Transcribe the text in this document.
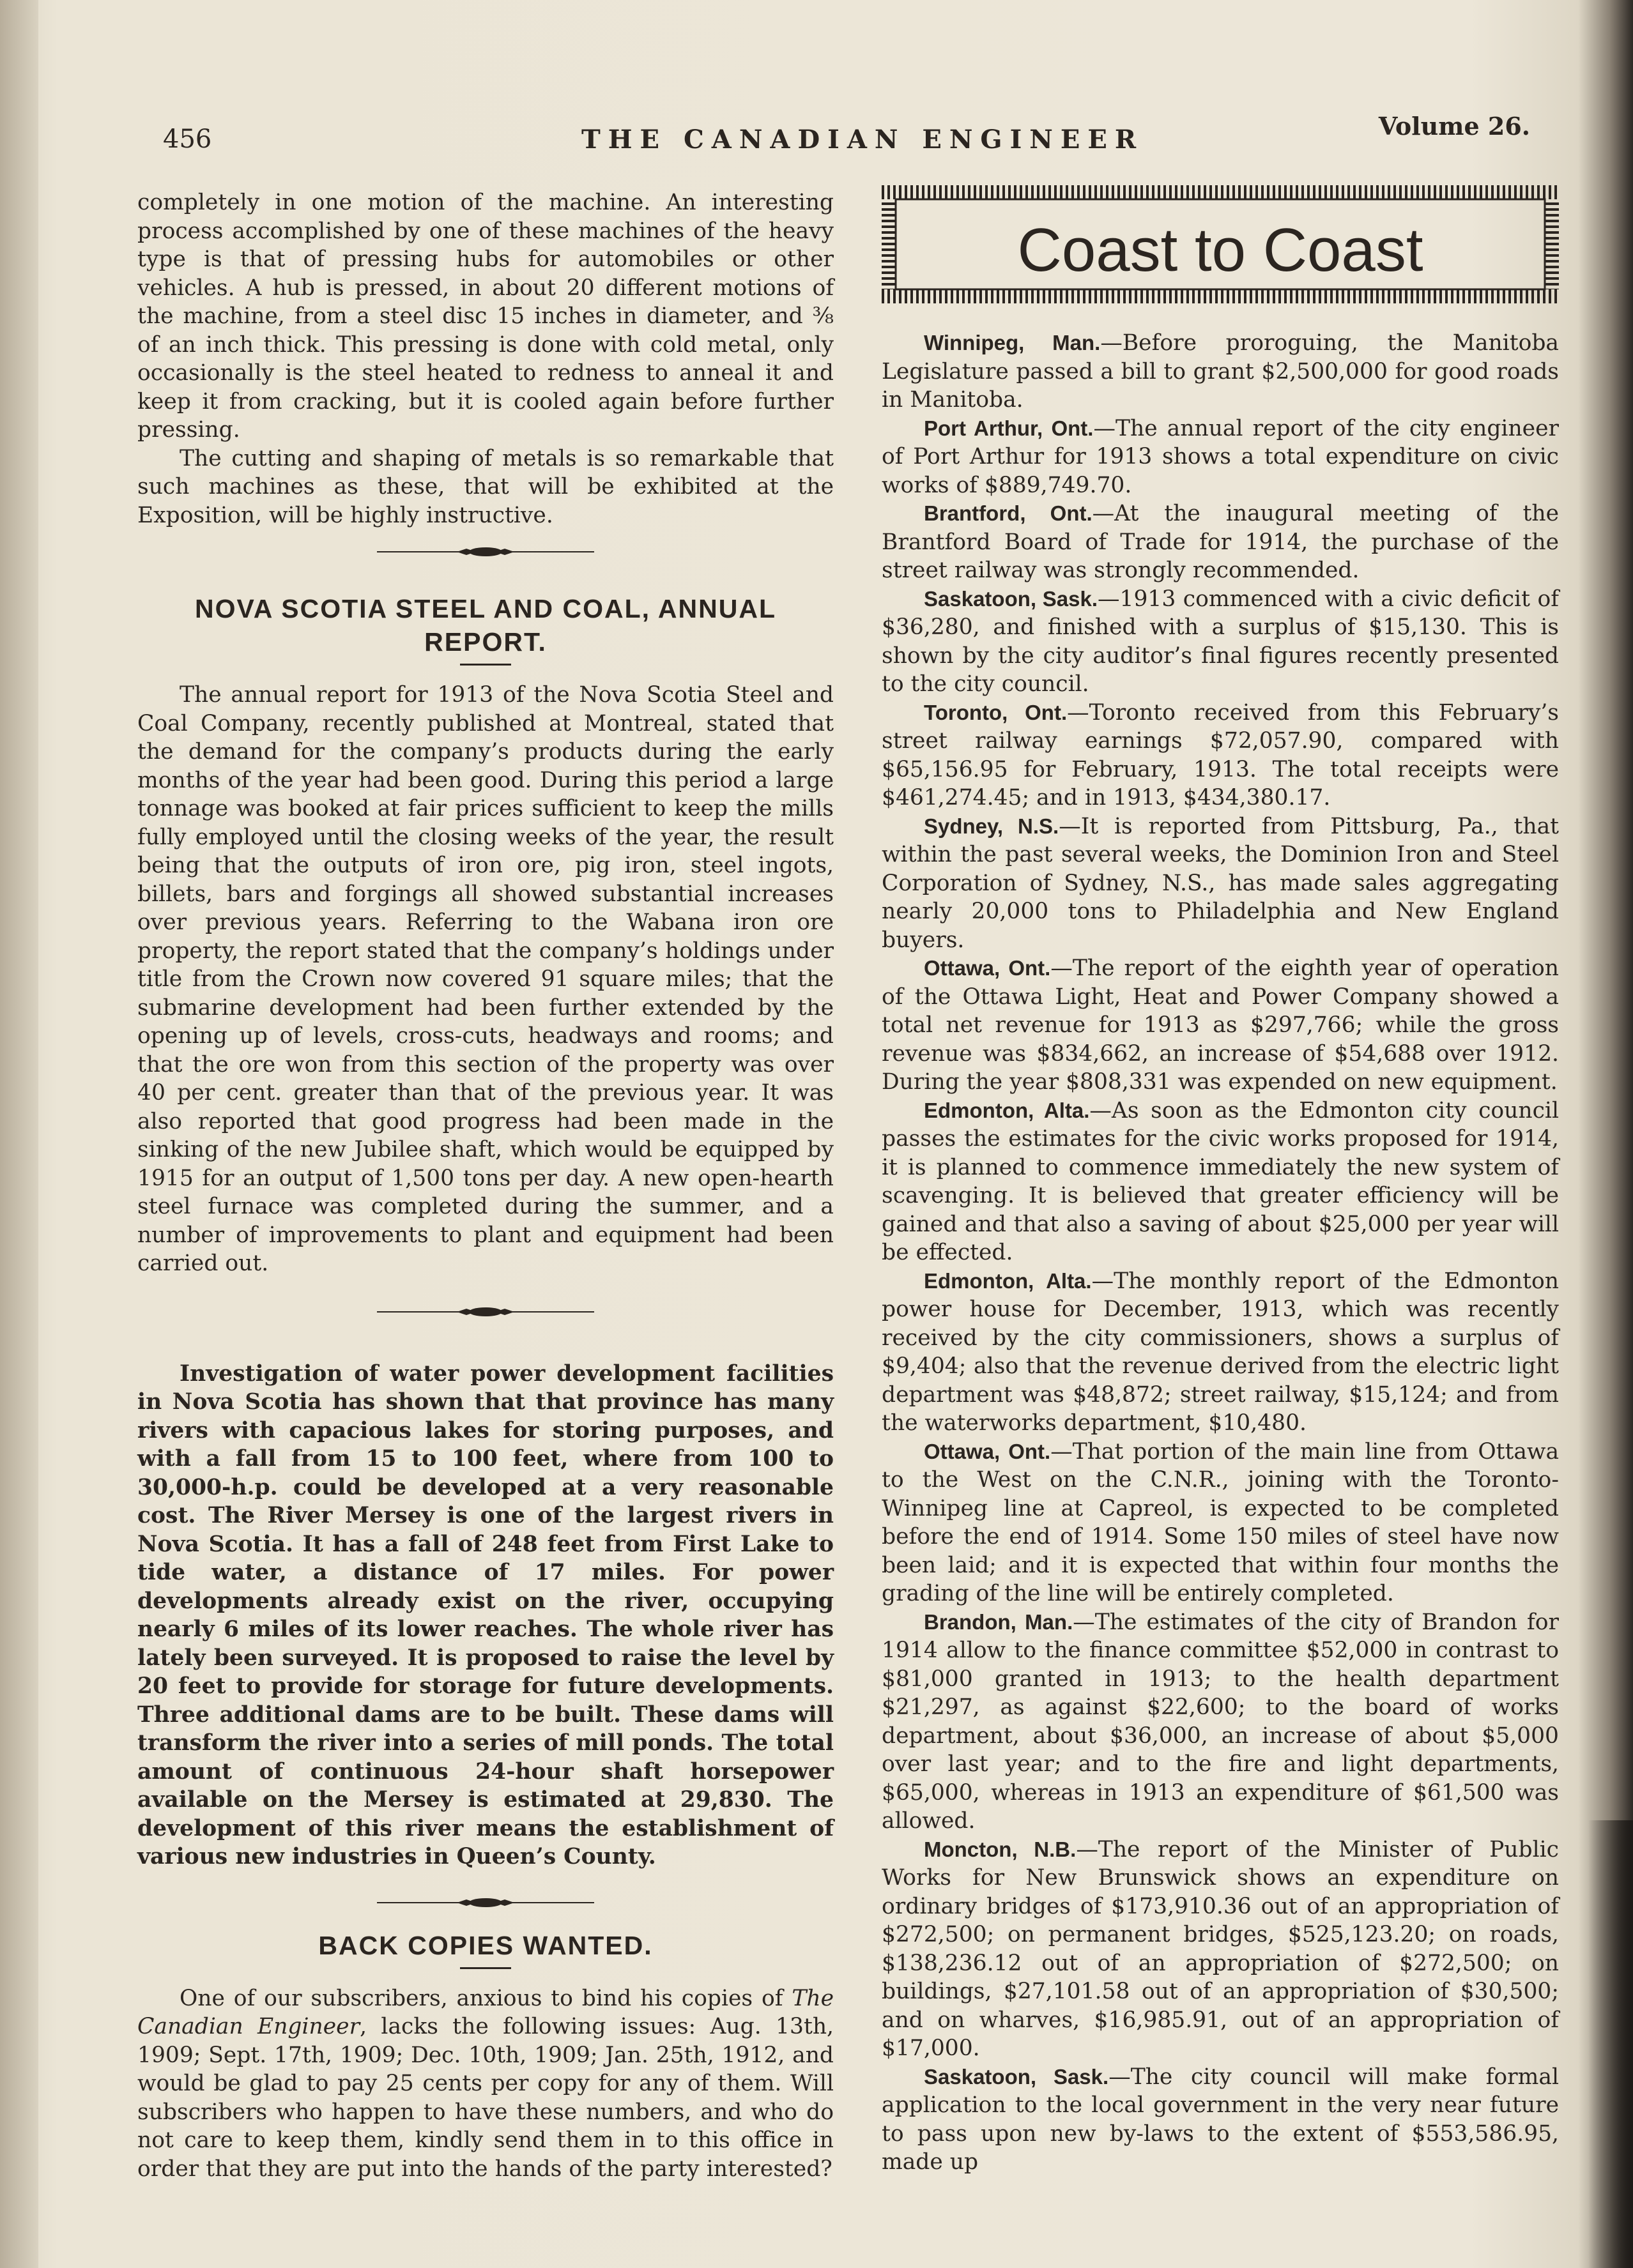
456	THE CANADIAN ENGINEER	Volume 26.

completely in one motion of the machine. An interesting process accomplished by one of these machines of the heavy type is that of pressing hubs for automobiles or other vehicles. A hub is pressed, in about 20 different motions of the machine, from a steel disc 15 inches in diameter, and ⅜ of an inch thick. This pressing is done with cold metal, only occasionally is the steel heated to redness to anneal it and keep it from cracking, but it is cooled again before further pressing.

The cutting and shaping of metals is so remarkable that such machines as these, that will be exhibited at the Exposition, will be highly instructive.

NOVA SCOTIA STEEL AND COAL, ANNUAL REPORT.

The annual report for 1913 of the Nova Scotia Steel and Coal Company, recently published at Montreal, stated that the demand for the company’s products during the early months of the year had been good. During this period a large tonnage was booked at fair prices sufficient to keep the mills fully employed until the closing weeks of the year, the result being that the outputs of iron ore, pig iron, steel ingots, billets, bars and forgings all showed substantial increases over previous years. Referring to the Wabana iron ore property, the report stated that the company’s holdings under title from the Crown now covered 91 square miles; that the submarine development had been further extended by the opening up of levels, cross-cuts, headways and rooms; and that the ore won from this section of the property was over 40 per cent. greater than that of the previous year. It was also reported that good progress had been made in the sinking of the new Jubilee shaft, which would be equipped by 1915 for an output of 1,500 tons per day. A new open-hearth steel furnace was completed during the summer, and a number of improvements to plant and equipment had been carried out.

Investigation of water power development facilities in Nova Scotia has shown that that province has many rivers with capacious lakes for storing purposes, and with a fall from 15 to 100 feet, where from 100 to 30,000-h.p. could be developed at a very reasonable cost. The River Mersey is one of the largest rivers in Nova Scotia. It has a fall of 248 feet from First Lake to tide water, a distance of 17 miles. For power developments already exist on the river, occupying nearly 6 miles of its lower reaches. The whole river has lately been surveyed. It is proposed to raise the level by 20 feet to provide for storage for future developments. Three additional dams are to be built. These dams will transform the river into a series of mill ponds. The total amount of continuous 24-hour shaft horsepower available on the Mersey is estimated at 29,830. The development of this river means the establishment of various new industries in Queen’s County.

BACK COPIES WANTED.

One of our subscribers, anxious to bind his copies of The Canadian Engineer, lacks the following issues: Aug. 13th, 1909; Sept. 17th, 1909; Dec. 10th, 1909; Jan. 25th, 1912, and would be glad to pay 25 cents per copy for any of them. Will subscribers who happen to have these numbers, and who do not care to keep them, kindly send them in to this office in order that they are put into the hands of the party interested?

Coast to Coast

Winnipeg, Man.—Before proroguing, the Manitoba Legislature passed a bill to grant $2,500,000 for good roads in Manitoba.

Port Arthur, Ont.—The annual report of the city engineer of Port Arthur for 1913 shows a total expenditure on civic works of $889,749.70.

Brantford, Ont.—At the inaugural meeting of the Brantford Board of Trade for 1914, the purchase of the street railway was strongly recommended.

Saskatoon, Sask.—1913 commenced with a civic deficit of $36,280, and finished with a surplus of $15,130. This is shown by the city auditor’s final figures recently presented to the city council.

Toronto, Ont.—Toronto received from this February’s street railway earnings $72,057.90, compared with $65,156.95 for February, 1913. The total receipts were $461,274.45; and in 1913, $434,380.17.

Sydney, N.S.—It is reported from Pittsburg, Pa., that within the past several weeks, the Dominion Iron and Steel Corporation of Sydney, N.S., has made sales aggregating nearly 20,000 tons to Philadelphia and New England buyers.

Ottawa, Ont.—The report of the eighth year of operation of the Ottawa Light, Heat and Power Company showed a total net revenue for 1913 as $297,766; while the gross revenue was $834,662, an increase of $54,688 over 1912. During the year $808,331 was expended on new equipment.

Edmonton, Alta.—As soon as the Edmonton city council passes the estimates for the civic works proposed for 1914, it is planned to commence immediately the new system of scavenging. It is believed that greater efficiency will be gained and that also a saving of about $25,000 per year will be effected.

Edmonton, Alta.—The monthly report of the Edmonton power house for December, 1913, which was recently received by the city commissioners, shows a surplus of $9,404; also that the revenue derived from the electric light department was $48,872; street railway, $15,124; and from the waterworks department, $10,480.

Ottawa, Ont.—That portion of the main line from Ottawa to the West on the C.N.R., joining with the Toronto-Winnipeg line at Capreol, is expected to be completed before the end of 1914. Some 150 miles of steel have now been laid; and it is expected that within four months the grading of the line will be entirely completed.

Brandon, Man.—The estimates of the city of Brandon for 1914 allow to the finance committee $52,000 in contrast to $81,000 granted in 1913; to the health department $21,297, as against $22,600; to the board of works department, about $36,000, an increase of about $5,000 over last year; and to the fire and light departments, $65,000, whereas in 1913 an expenditure of $61,500 was allowed.

Moncton, N.B.—The report of the Minister of Public Works for New Brunswick shows an expenditure on ordinary bridges of $173,910.36 out of an appropriation of $272,500; on permanent bridges, $525,123.20; on roads, $138,236.12 out of an appropriation of $272,500; on buildings, $27,101.58 out of an appropriation of $30,500; and on wharves, $16,985.91, out of an appropriation of $17,000.

Saskatoon, Sask.—The city council will make formal application to the local government in the very near future to pass upon new by-laws to the extent of $553,586.95, made up
